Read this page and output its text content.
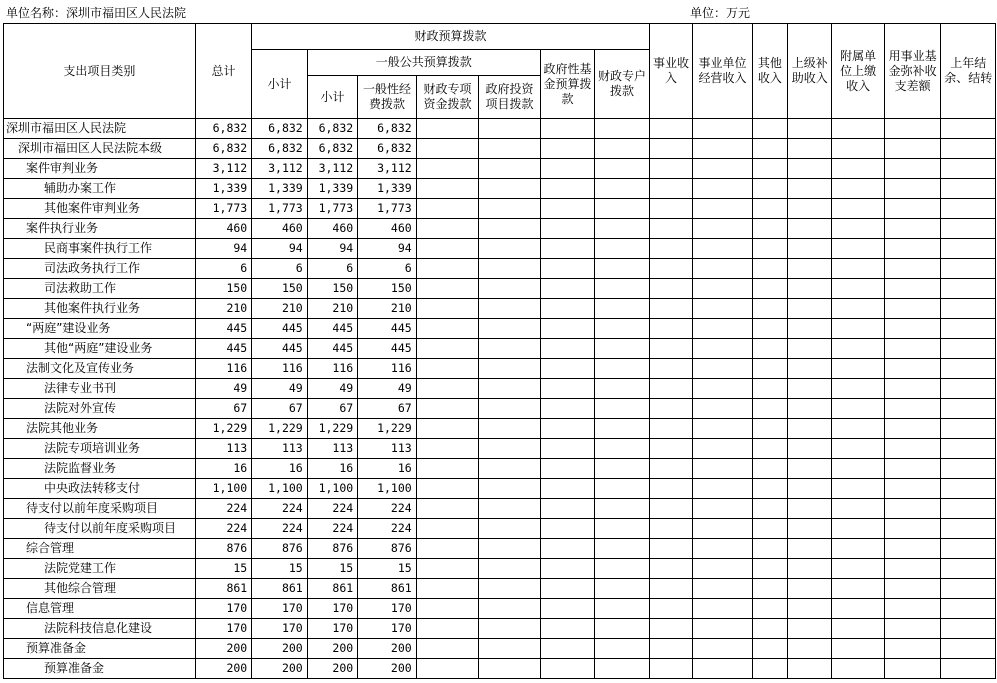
单位名称：深圳市福田区人民法院	单位：万元
支出项目类别	总计	财政预算拨款							事业收入	事业单位经营收入	其他收入	上级补助收入	附属单位上缴收入	用事业基金弥补收支差额	上年结余、结转
		小计	一般公共预算拨款				政府性基金预算拨款	财政专户拨款							
			小计	一般性经费拨款	财政专项资金拨款	政府投资项目拨款									

深圳市福田区人民法院	6,832	6,832	6,832	6,832											
深圳市福田区人民法院本级	6,832	6,832	6,832	6,832											
案件审判业务	3,112	3,112	3,112	3,112											
辅助办案工作	1,339	1,339	1,339	1,339											
其他案件审判业务	1,773	1,773	1,773	1,773											
案件执行业务	460	460	460	460											
民商事案件执行工作	94	94	94	94											
司法政务执行工作	6	6	6	6											
司法救助工作	150	150	150	150											
其他案件执行业务	210	210	210	210											
“两庭”建设业务	445	445	445	445											
其他“两庭”建设业务	445	445	445	445											
法制文化及宣传业务	116	116	116	116											
法律专业书刊	49	49	49	49											
法院对外宣传	67	67	67	67											
法院其他业务	1,229	1,229	1,229	1,229											
法院专项培训业务	113	113	113	113											
法院监督业务	16	16	16	16											
中央政法转移支付	1,100	1,100	1,100	1,100											
待支付以前年度采购项目	224	224	224	224											
待支付以前年度采购项目	224	224	224	224											
综合管理	876	876	876	876											
法院党建工作	15	15	15	15											
其他综合管理	861	861	861	861											
信息管理	170	170	170	170											
法院科技信息化建设	170	170	170	170											
预算准备金	200	200	200	200											
预算准备金	200	200	200	200											
